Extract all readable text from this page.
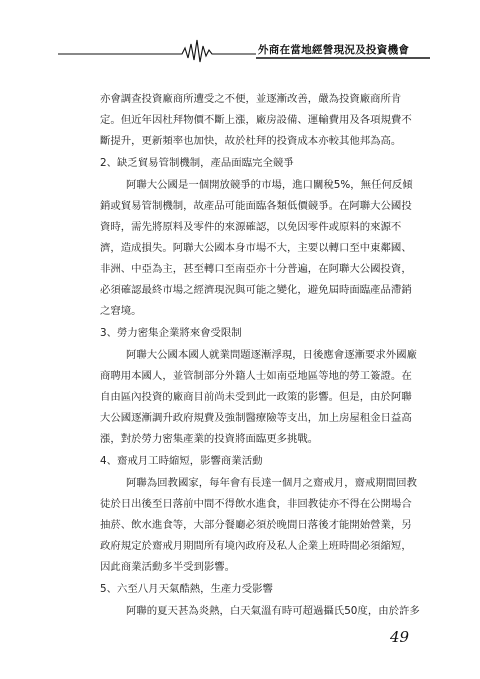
外商在當地經營現況及投資機會
亦會調查投資廠商所遭受之不便，並逐漸改善，嚴為投資廠商所肯
定。但近年因杜拜物價不斷上漲，廠房設備、運輸費用及各項規費不
斷提升，更新頻率也加快，故於杜拜的投資成本亦較其他邦為高。
2、缺乏貿易管制機制，產品面臨完全競爭
阿聯大公國是一個開放競爭的市場，進口關稅5%，無任何反傾
銷或貿易管制機制，故產品可能面臨各類低價競爭。在阿聯大公國投
資時，需先將原料及零件的來源確認，以免因零件或原料的來源不
濟，造成損失。阿聯大公國本身市場不大，主要以轉口至中東鄰國、
非洲、中亞為主，甚至轉口至南亞亦十分普遍，在阿聯大公國投資，
必須確認最終市場之經濟現況與可能之變化，避免屆時面臨產品滯銷
之窘境。
3、勞力密集企業將來會受限制
阿聯大公國本國人就業問題逐漸浮現，日後應會逐漸要求外國廠
商聘用本國人，並管制部分外籍人士如南亞地區等地的勞工簽證。在
自由區內投資的廠商目前尚未受到此一政策的影響。但是，由於阿聯
大公國逐漸調升政府規費及強制醫療險等支出，加上房屋租金日益高
漲，對於勞力密集產業的投資將面臨更多挑戰。
4、齋戒月工時縮短，影響商業活動
阿聯為回教國家，每年會有長達一個月之齋戒月，齋戒期間回教
徒於日出後至日落前中間不得飲水進食，非回教徒亦不得在公開場合
抽菸、飲水進食等，大部分餐廳必須於晚間日落後才能開始營業，另
政府規定於齋戒月期間所有境內政府及私人企業上班時間必須縮短，
因此商業活動多半受到影響。
5、六至八月天氣酷熱，生產力受影響
阿聯的夏天甚為炎熱，白天氣溫有時可超過攝氏50度，由於許多
49
